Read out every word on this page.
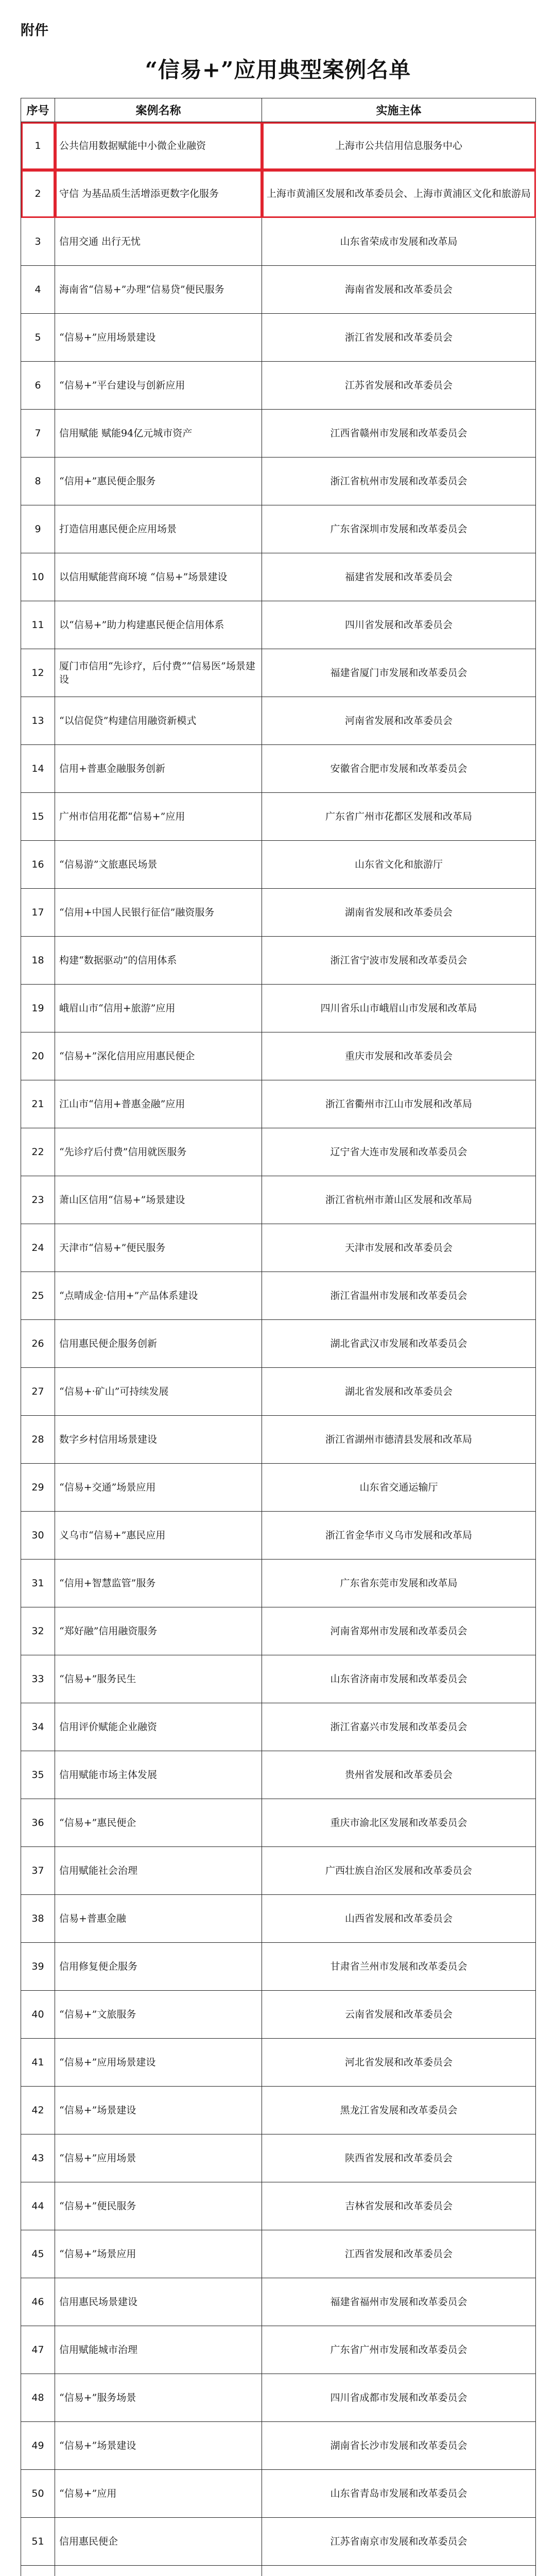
附件
“信易+”应用典型案例名单
序号	案例名称	实施主体
1	公共信用数据赋能中小微企业融资	上海市公共信用信息服务中心
2	守信 为基品质生活增添更数字化服务	上海市黄浦区发展和改革委员会、上海市黄浦区文化和旅游局
3	信用交通 出行无忧	山东省荣成市发展和改革局
4	海南省“信易+”办理“信易贷”便民服务	海南省发展和改革委员会
5	“信易+”应用场景建设	浙江省发展和改革委员会
6	“信易+”平台建设与创新应用	江苏省发展和改革委员会
7	信用赋能 赋能94亿元城市资产	江西省赣州市发展和改革委员会
8	“信用+”惠民便企服务	浙江省杭州市发展和改革委员会
9	打造信用惠民便企应用场景	广东省深圳市发展和改革委员会
10	以信用赋能营商环境 “信易+”场景建设	福建省发展和改革委员会
11	以“信易+”助力构建惠民便企信用体系	四川省发展和改革委员会
12	厦门市信用“先诊疗，后付费”“信易医”场景建设	福建省厦门市发展和改革委员会
13	“以信促贷”构建信用融资新模式	河南省发展和改革委员会
14	信用+普惠金融服务创新	安徽省合肥市发展和改革委员会
15	广州市信用花都“信易+”应用	广东省广州市花都区发展和改革局
16	“信易游”文旅惠民场景	山东省文化和旅游厅
17	“信用+中国人民银行征信”融资服务	湖南省发展和改革委员会
18	构建“数据驱动”的信用体系	浙江省宁波市发展和改革委员会
19	峨眉山市“信用+旅游”应用	四川省乐山市峨眉山市发展和改革局
20	“信易+”深化信用应用惠民便企	重庆市发展和改革委员会
21	江山市“信用+普惠金融”应用	浙江省衢州市江山市发展和改革局
22	“先诊疗后付费”信用就医服务	辽宁省大连市发展和改革委员会
23	萧山区信用“信易+”场景建设	浙江省杭州市萧山区发展和改革局
24	天津市“信易+”便民服务	天津市发展和改革委员会
25	“点晴成金·信用+”产品体系建设	浙江省温州市发展和改革委员会
26	信用惠民便企服务创新	湖北省武汉市发展和改革委员会
27	“信易+·矿山”可持续发展	湖北省发展和改革委员会
28	数字乡村信用场景建设	浙江省湖州市德清县发展和改革局
29	“信易+交通”场景应用	山东省交通运输厅
30	义乌市“信易+”惠民应用	浙江省金华市义乌市发展和改革局
31	“信用+智慧监管”服务	广东省东莞市发展和改革局
32	“郑好融”信用融资服务	河南省郑州市发展和改革委员会
33	“信易+”服务民生	山东省济南市发展和改革委员会
34	信用评价赋能企业融资	浙江省嘉兴市发展和改革委员会
35	信用赋能市场主体发展	贵州省发展和改革委员会
36	“信易+”惠民便企	重庆市渝北区发展和改革委员会
37	信用赋能社会治理	广西壮族自治区发展和改革委员会
38	信易+普惠金融	山西省发展和改革委员会
39	信用修复便企服务	甘肃省兰州市发展和改革委员会
40	“信易+”文旅服务	云南省发展和改革委员会
41	“信易+”应用场景建设	河北省发展和改革委员会
42	“信易+”场景建设	黑龙江省发展和改革委员会
43	“信易+”应用场景	陕西省发展和改革委员会
44	“信易+”便民服务	吉林省发展和改革委员会
45	“信易+”场景应用	江西省发展和改革委员会
46	信用惠民场景建设	福建省福州市发展和改革委员会
47	信用赋能城市治理	广东省广州市发展和改革委员会
48	“信易+”服务场景	四川省成都市发展和改革委员会
49	“信易+”场景建设	湖南省长沙市发展和改革委员会
50	“信易+”应用	山东省青岛市发展和改革委员会
51	信用惠民便企	江苏省南京市发展和改革委员会
